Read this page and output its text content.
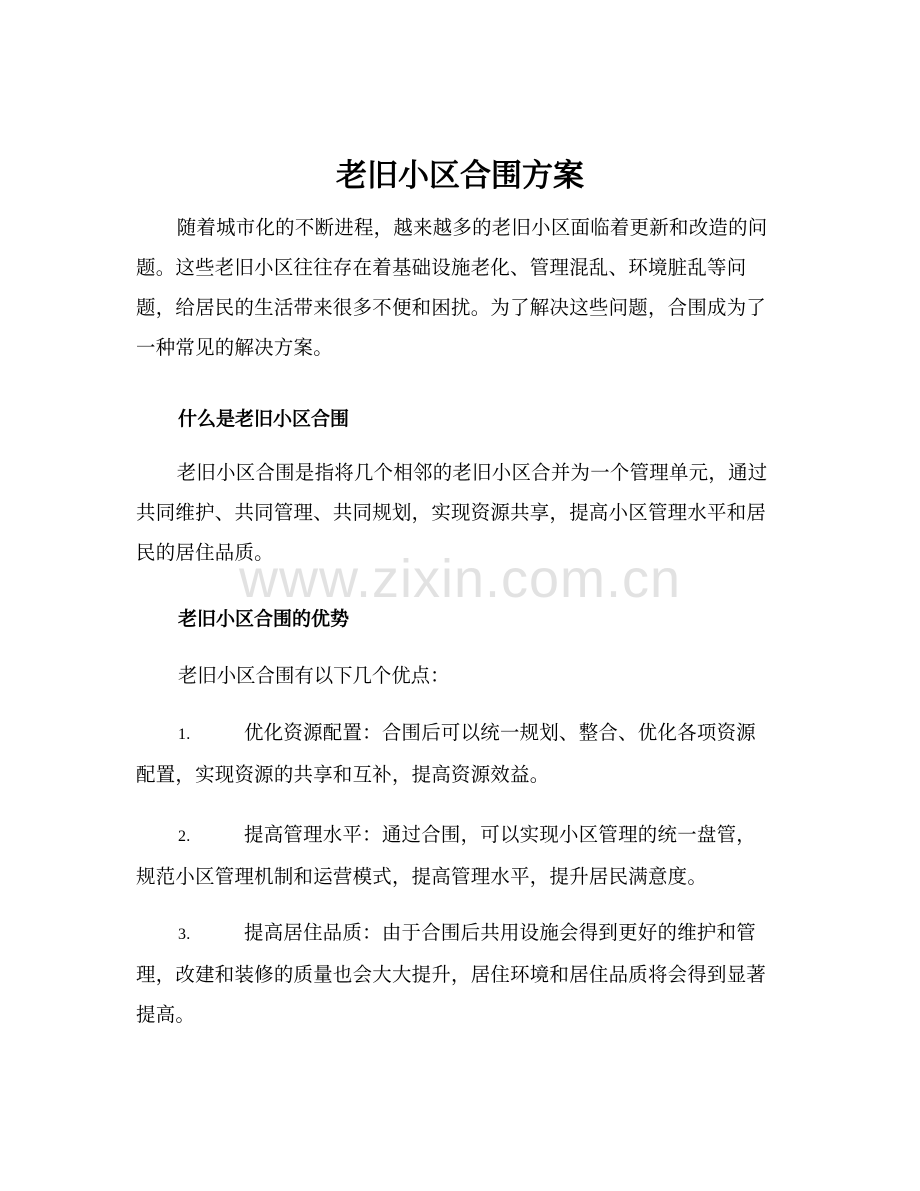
老旧小区合围方案

随着城市化的不断进程，越来越多的老旧小区面临着更新和改造的问题。这些老旧小区往往存在着基础设施老化、管理混乱、环境脏乱等问题，给居民的生活带来很多不便和困扰。为了解决这些问题，合围成为了一种常见的解决方案。

什么是老旧小区合围

老旧小区合围是指将几个相邻的老旧小区合并为一个管理单元，通过共同维护、共同管理、共同规划，实现资源共享，提高小区管理水平和居民的居住品质。

老旧小区合围的优势

老旧小区合围有以下几个优点：

1.	优化资源配置：合围后可以统一规划、整合、优化各项资源配置，实现资源的共享和互补，提高资源效益。

2.	提高管理水平：通过合围，可以实现小区管理的统一盘管，规范小区管理机制和运营模式，提高管理水平，提升居民满意度。

3.	提高居住品质：由于合围后共用设施会得到更好的维护和管理，改建和装修的质量也会大大提升，居住环境和居住品质将会得到显著提高。

www.zixin.com.cn
